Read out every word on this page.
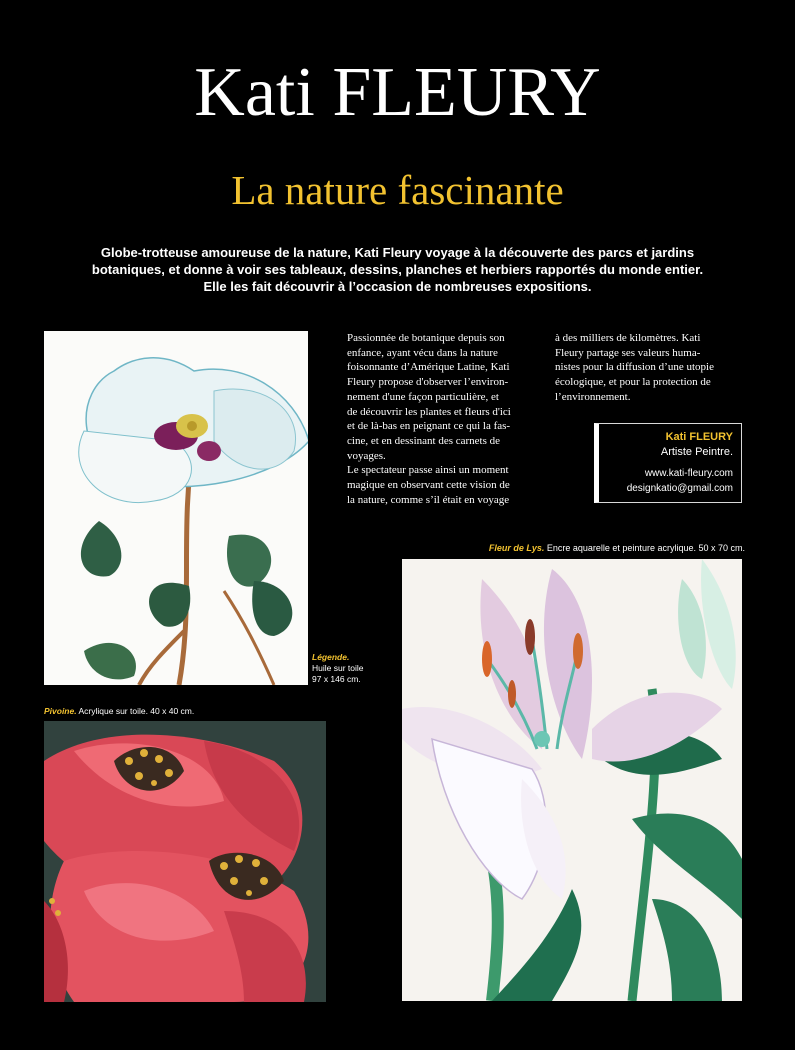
Kati FLEURY
La nature fascinante
Globe-trotteuse amoureuse de la nature, Kati Fleury voyage à la découverte des parcs et jardins
botaniques, et donne à voir ses tableaux, dessins, planches et herbiers rapportés du monde entier.
Elle les fait découvrir à l’occasion de nombreuses expositions.
Légende.
Huile sur toile
97 x 146 cm.
Passionnée de botanique depuis son
enfance, ayant vécu dans la nature
foisonnante d’Amérique Latine, Kati
Fleury propose d'observer l’environ-
nement d'une façon particulière, et
de découvrir les plantes et fleurs d'ici
et de là-bas en peignant ce qui la fas-
cine, et en dessinant des carnets de
voyages.
Le spectateur passe ainsi un moment
magique en observant cette vision de
la nature, comme s’il était en voyage
à des milliers de kilomètres. Kati
Fleury partage ses valeurs huma-
nistes pour la diffusion d’une utopie
écologique, et pour la protection de
l’environnement.
Kati FLEURY
Artiste Peintre.
www.kati-fleury.com
designkatio@gmail.com
Fleur de Lys. Encre aquarelle et peinture acrylique. 50 x 70 cm.
Pivoine. Acrylique sur toile. 40 x 40 cm.
